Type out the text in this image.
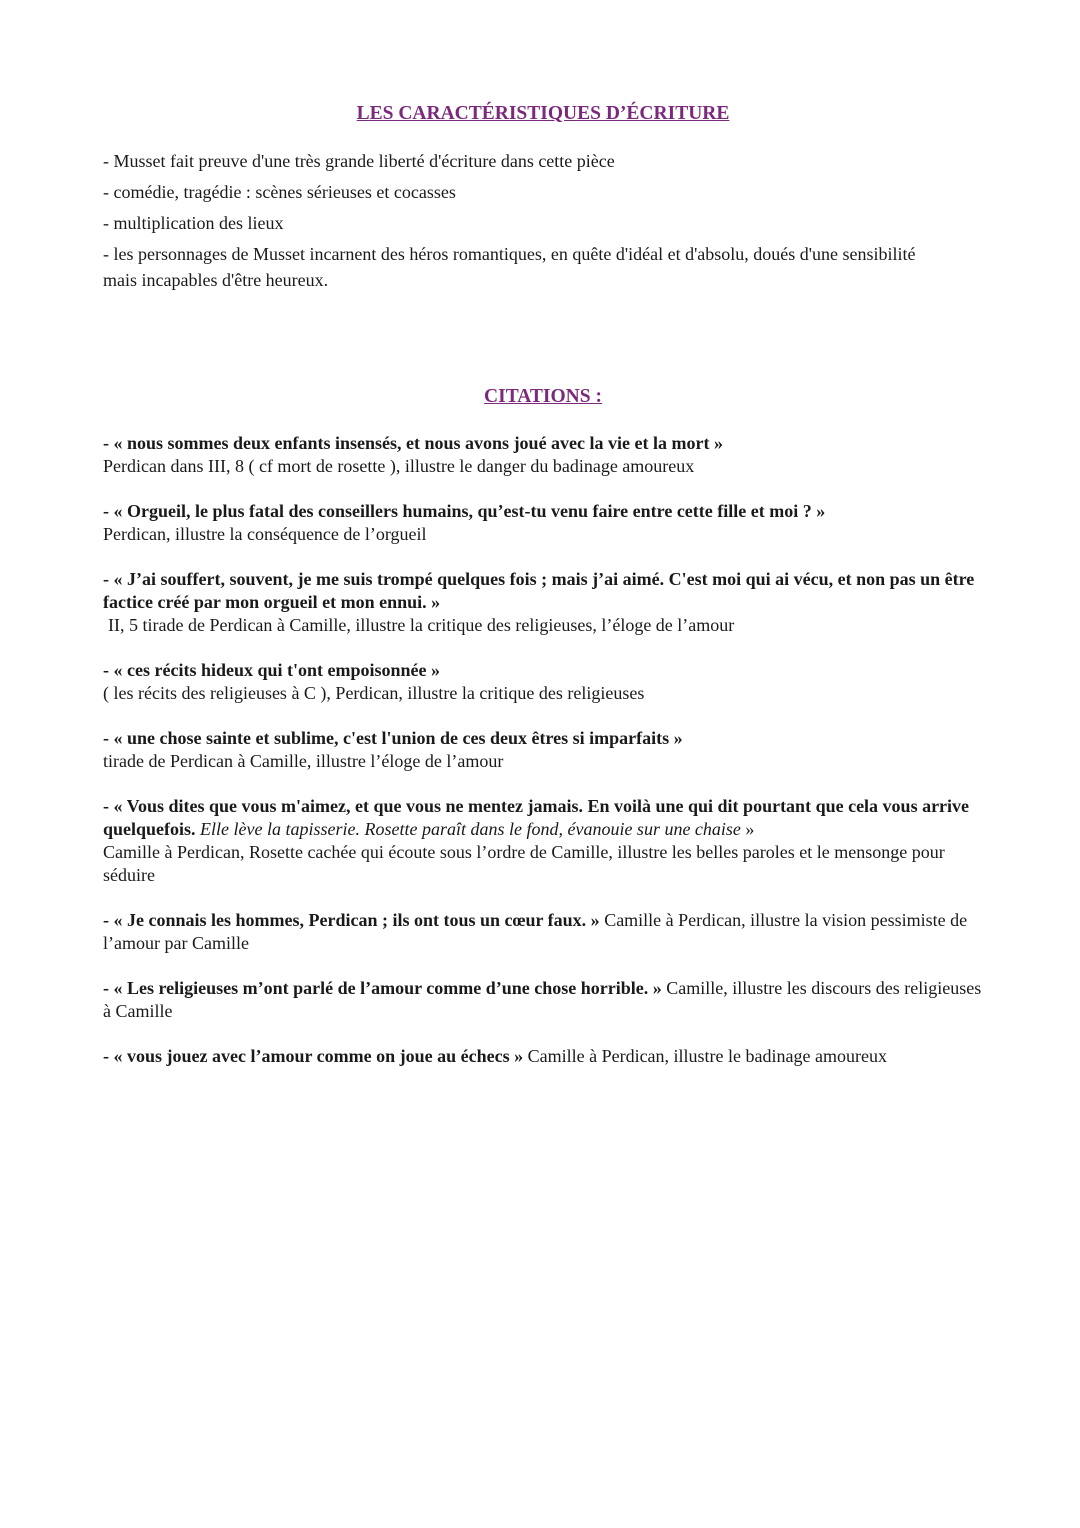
LES CARACTÉRISTIQUES D’ÉCRITURE

- Musset fait preuve d'une très grande liberté d'écriture dans cette pièce

- comédie, tragédie : scènes sérieuses et cocasses

- multiplication des lieux

- les personnages de Musset incarnent des héros romantiques, en quête d'idéal et d'absolu, doués d'une sensibilité mais incapables d'être heureux.

CITATIONS :

- « nous sommes deux enfants insensés, et nous avons joué avec la vie et la mort »

Perdican dans III, 8 ( cf mort de rosette ), illustre le danger du badinage amoureux

- « Orgueil, le plus fatal des conseillers humains, qu’est-tu venu faire entre cette fille et moi ? »

Perdican, illustre la conséquence de l’orgueil

- « J’ai souffert, souvent, je me suis trompé quelques fois ; mais j’ai aimé. C'est moi qui ai vécu, et non pas un être factice créé par mon orgueil et mon ennui. »

II, 5 tirade de Perdican à Camille, illustre la critique des religieuses, l’éloge de l’amour

- « ces récits hideux qui t'ont empoisonnée »

( les récits des religieuses à C ), Perdican, illustre la critique des religieuses

- « une chose sainte et sublime, c'est l'union de ces deux êtres si imparfaits »

tirade de Perdican à Camille, illustre l’éloge de l’amour

- « Vous dites que vous m'aimez, et que vous ne mentez jamais. En voilà une qui dit pourtant que cela vous arrive quelquefois. Elle lève la tapisserie. Rosette paraît dans le fond, évanouie sur une chaise »

Camille à Perdican, Rosette cachée qui écoute sous l’ordre de Camille, illustre les belles paroles et le mensonge pour séduire

- « Je connais les hommes, Perdican ; ils ont tous un cœur faux. » Camille à Perdican, illustre la vision pessimiste de l’amour par Camille

- « Les religieuses m’ont parlé de l’amour comme d’une chose horrible. » Camille, illustre les discours des religieuses à Camille

- « vous jouez avec l’amour comme on joue au échecs » Camille à Perdican, illustre le badinage amoureux
